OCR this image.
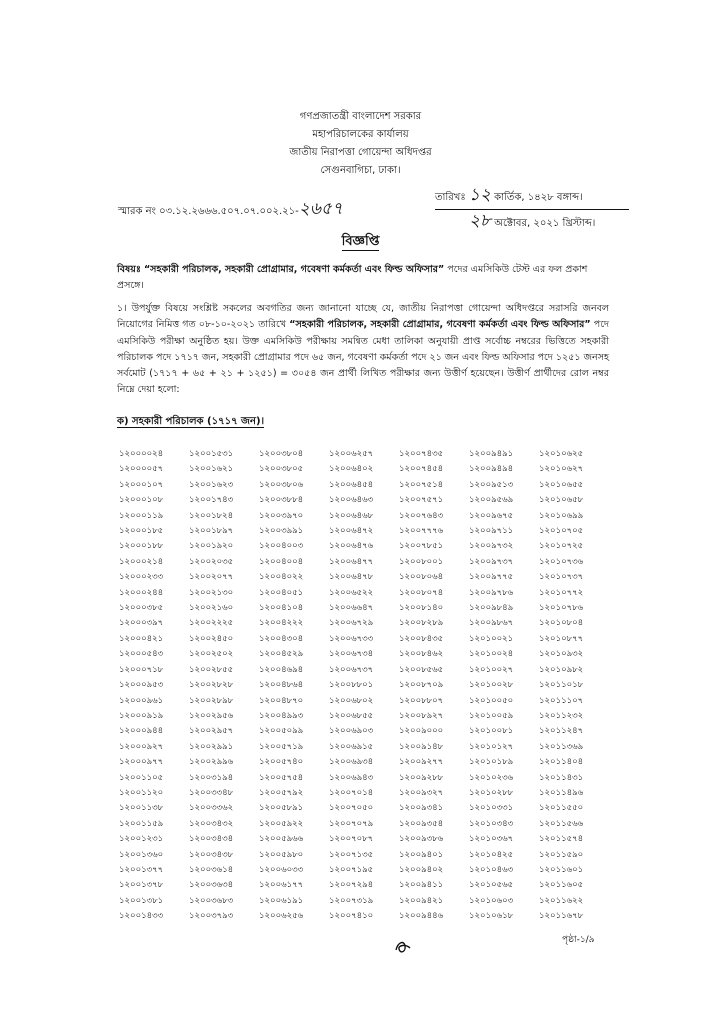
গণপ্রজাতন্ত্রী বাংলাদেশ সরকার
মহাপরিচালকের কার্যালয়
জাতীয় নিরাপত্তা গোয়েন্দা অধিদপ্তর
সেগুনবাগিচা, ঢাকা।
স্মারক নং ০৩.১২.২৬৬৬.৫০৭.০৭.০০২.২১-২৬৫৭
তারিখঃ ১২ কার্তিক, ১৪২৮ বঙ্গাব্দ।
২৮ অক্টোবর, ২০২১ খ্রিস্টাব্দ।
বিজ্ঞপ্তি
বিষয়ঃ “সহকারী পরিচালক, সহকারী প্রোগ্রামার, গবেষণা কর্মকর্তা এবং ফিল্ড অফিসার” পদের এমসিকিউ টেস্ট এর ফল প্রকাশ প্রসঙ্গে।
১। উপর্যুক্ত বিষয়ে সংশ্লিষ্ট সকলের অবগতির জন্য জানানো যাচ্ছে যে, জাতীয় নিরাপত্তা গোয়েন্দা অধিদপ্তরে সরাসরি জনবল নিয়োগের নিমিত্ত গত ০৮-১০-২০২১ তারিখে “সহকারী পরিচালক, সহকারী প্রোগ্রামার, গবেষণা কর্মকর্তা এবং ফিল্ড অফিসার” পদে এমসিকিউ পরীক্ষা অনুষ্ঠিত হয়। উক্ত এমসিকিউ পরীক্ষায় সমন্বিত মেধা তালিকা অনুযায়ী প্রাপ্ত সর্বোচ্চ নম্বরের ভিত্তিতে সহকারী পরিচালক পদে ১৭১৭ জন, সহকারী প্রোগ্রামার পদে ৬৫ জন, গবেষণা কর্মকর্তা পদে ২১ জন এবং ফিল্ড অফিসার পদে ১২৫১ জনসহ সর্বমোট (১৭১৭ + ৬৫ + ২১ + ১২৫১) = ৩০৫৪ জন প্রার্থী লিখিত পরীক্ষার জন্য উত্তীর্ণ হয়েছেন। উত্তীর্ণ প্রার্থীদের রোল নম্বর নিম্নে দেয়া হলো:
ক) সহকারী পরিচালক (১৭১৭ জন)।
১২০০০০২৪	১২০০১৫৩১	১২০০৩৮০৪	১২০০৬২৫৭	১২০০৭৪৩৫	১২০০৯৪৯১	১২০১০৬২৫
১২০০০০৫৭	১২০০১৬২১	১২০০৩৮০৫	১২০০৬৪০২	১২০০৭৪৫৪	১২০০৯৪৯৪	১২০১০৬২৭
১২০০০১০৭	১২০০১৬২৩	১২০০৩৮০৬	১২০০৬৪৫৪	১২০০৭৫১৪	১২০০৯৫১৩	১২০১০৬৫৫
১২০০০১০৮	১২০০১৭৪৩	১২০০৩৮৮৪	১২০০৬৪৬৩	১২০০৭৫৭১	১২০০৯৫৬৯	১২০১০৬৫৮
১২০০০১১৯	১২০০১৮২৪	১২০০৩৯৭০	১২০০৬৪৬৮	১২০০৭৬৪৩	১২০০৯৬৭৫	১২০১০৬৯৯
১২০০০১৮৫	১২০০১৮৯৭	১২০০৩৯৯১	১২০০৬৪৭২	১২০০৭৭৭৬	১২০০৯৭১১	১২০১০৭০৫
১২০০০১৮৮	১২০০১৯২০	১২০০৪০০৩	১২০০৬৪৭৬	১২০০৭৮৫১	১২০০৯৭৩২	১২০১০৭২৫
১২০০০২১৪	১২০০২০৩৫	১২০০৪০০৪	১২০০৬৪৭৭	১২০০৮০০১	১২০০৯৭৩৭	১২০১০৭৩৬
১২০০০২৩৩	১২০০২০৭৭	১২০০৪০২২	১২০০৬৪৭৮	১২০০৮০৬৪	১২০০৯৭৭৫	১২০১০৭৩৭
১২০০০২৪৪	১২০০২১৩০	১২০০৪০৫১	১২০০৬৫২২	১২০০৮০৭৪	১২০০৯৭৮৬	১২০১০৭৭২
১২০০০৩৮৫	১২০০২১৬০	১২০০৪১০৪	১২০০৬৬৪৭	১২০০৮১৪০	১২০০৯৮৪৯	১২০১০৭৮৬
১২০০০৩৯৭	১২০০২২২৫	১২০০৪২২২	১২০০৬৭২৯	১২০০৮২৮৯	১২০০৯৮৬৭	১২০১০৮০৪
১২০০০৪২১	১২০০২৪৫০	১২০০৪৩০৪	১২০০৬৭৩৩	১২০০৮৪৩৫	১২০১০০২১	১২০১০৮৭৭
১২০০০৫৪৩	১২০০২৫০২	১২০০৪৫২৯	১২০০৬৭৩৪	১২০০৮৪৬২	১২০১০০২৪	১২০১০৯৩২
১২০০০৭১৮	১২০০২৮৫৫	১২০০৪৬৯৪	১২০০৬৭৩৭	১২০০৮৫৬৫	১২০১০০২৭	১২০১০৯৮২
১২০০০৯৫৩	১২০০২৮২৮	১২০০৪৮৬৪	১২০০৮৮০১	১২০০৮৭০৯	১২০১০০২৮	১২০১১০১৮
১২০০০৯৬১	১২০০২৮৯৮	১২০০৪৮৭০	১২০০৬৮০২	১২০০৮৮০৭	১২০১০০৫০	১২০১১১০৭
১২০০০৯১৯	১২০০২৯৫৬	১২০০৪৯৯৩	১২০০৬৮৫৫	১২০০৮৯২৭	১২০১০০৫৯	১২০১১২৩২
১২০০০৯৪৪	১২০০২৯৫৭	১২০০৫০৯৯	১২০০৬৯০৩	১২০০৯০০০	১২০১০০৮১	১২০১১২৪৭
১২০০০৯২৭	১২০০২৯৯১	১২০০৫৭১৯	১২০০৬৯১৫	১২০০৯১৪৮	১২০১০১২৭	১২০১১৩৬৯
১২০০০৯৭৭	১২০০২৯৯৬	১২০০৫৭৪০	১২০০৬৯৩৪	১২০০৯২৭৭	১২০১০১৮৯	১২০১১৪০৪
১২০০১১০৫	১২০০৩১৯৪	১২০০৫৭৫৪	১২০০৬৯৪৩	১২০০৯২৮৮	১২০১০২৩৬	১২০১১৪৩১
১২০০১১২০	১২০০৩৩৪৮	১২০০৫৭৯২	১২০০৭০১৪	১২০০৯৩২৭	১২০১০২৮৮	১২০১১৪৯৬
১২০০১১৩৮	১২০০৩৩৬২	১২০০৫৮৯১	১২০০৭০৫০	১২০০৯৩৪১	১২০১০৩৩১	১২০১১৫৫০
১২০০১১৫৯	১২০০৩৪৩২	১২০০৫৯২২	১২০০৭০৭৯	১২০০৯৩৫৪	১২০১০৩৪৩	১২০১১৫৬৬
১২০০১২৩১	১২০০৩৪৩৪	১২০০৫৯৬৬	১২০০৭০৮৭	১২০০৯৩৮৬	১২০১০৩৬৭	১২০১১৫৭৪
১২০০১৩৬০	১২০০৩৪৩৮	১২০০৫৯৮০	১২০০৭১৩৫	১২০০৯৪০১	১২০১০৪২৫	১২০১১৫৯০
১২০০১৩৭৭	১২০০৩৬১৪	১২০০৬০৩৩	১২০০৭১৯৫	১২০০৯৪০২	১২০১০৪৬৩	১২০১১৬০১
১২০০১৩৭৮	১২০০৩৬৩৪	১২০০৬১৭৭	১২০০৭২৯৪	১২০০৯৪১১	১২০১০৫৬৫	১২০১১৬০৫
১২০০১৩৮১	১২০০৩৬৮৩	১২০০৬১৯১	১২০০৭৩১৯	১২০০৯৪২১	১২০১০৬০৩	১২০১১৬২২
১২০০১৪৩৩	১২০০৩৭৯৩	১২০০৬২৫৬	১২০০৭৪১০	১২০০৯৪৪৬	১২০১০৬১৮	১২০১১৬৭৮
পৃষ্ঠা-১/৯
